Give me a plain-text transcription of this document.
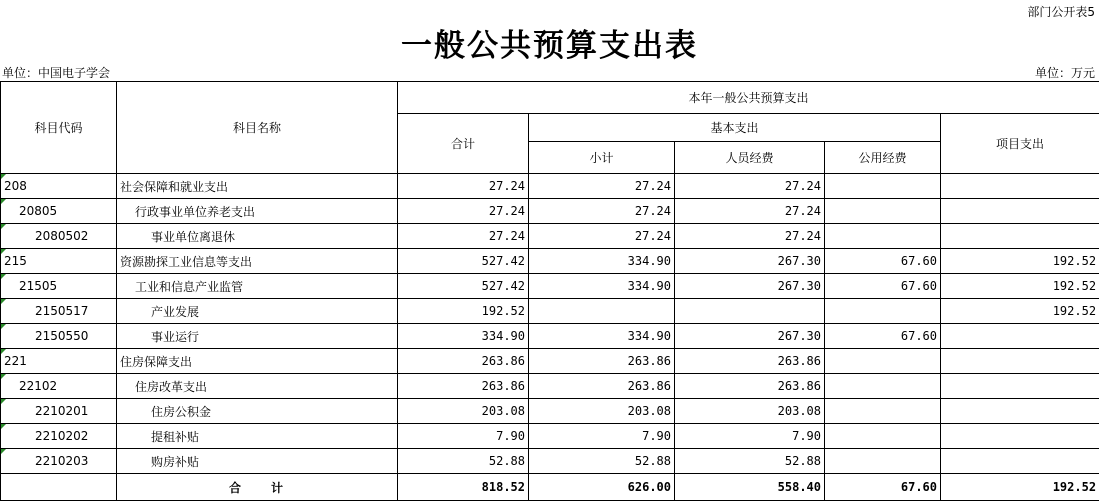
部门公开表5
一般公共预算支出表
单位：中国电子学会	单位：万元
科目代码	科目名称	本年一般公共预算支出				
		合计	基本支出			项目支出
			小计	人员经费	公用经费	
208	社会保障和就业支出	27.24	27.24	27.24		
20805	行政事业单位养老支出	27.24	27.24	27.24		
2080502	事业单位离退休	27.24	27.24	27.24		
215	资源勘探工业信息等支出	527.42	334.90	267.30	67.60	192.52
21505	工业和信息产业监管	527.42	334.90	267.30	67.60	192.52
2150517	产业发展	192.52				192.52
2150550	事业运行	334.90	334.90	267.30	67.60	
221	住房保障支出	263.86	263.86	263.86		
22102	住房改革支出	263.86	263.86	263.86		
2210201	住房公积金	203.08	203.08	203.08		
2210202	提租补贴	7.90	7.90	7.90		
2210203	购房补贴	52.88	52.88	52.88		
	合　　计	818.52	626.00	558.40	67.60	192.52
